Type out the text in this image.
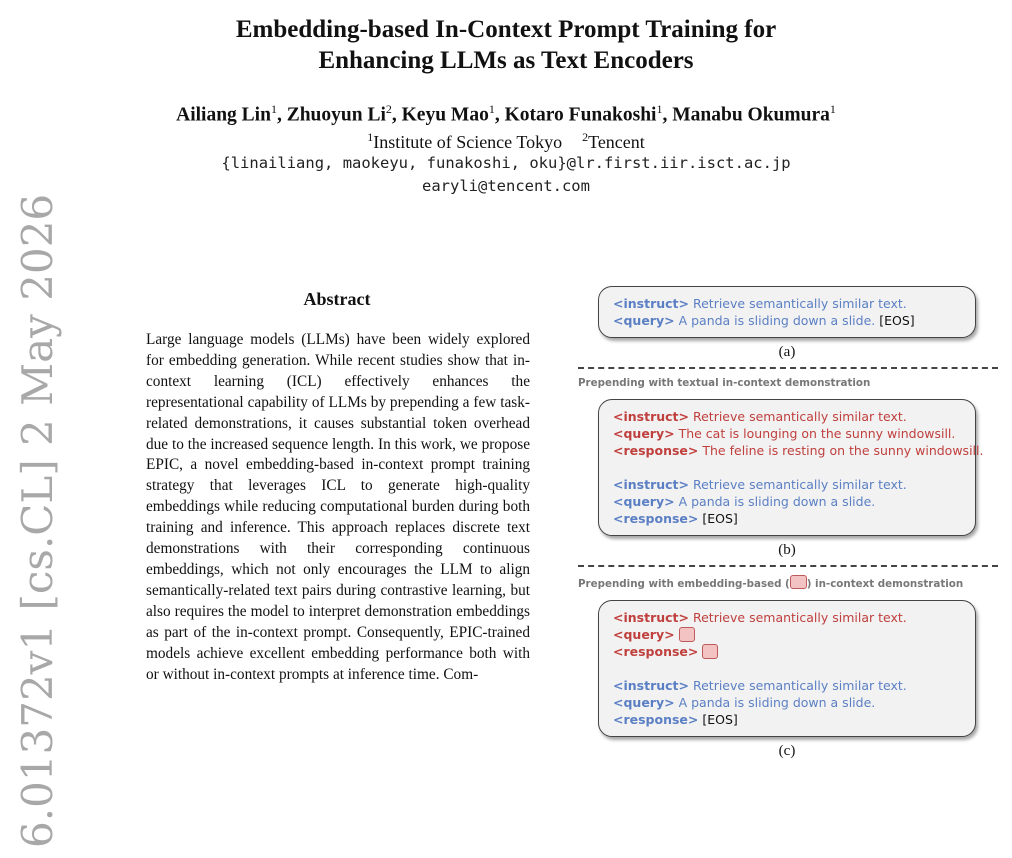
Embedding-based In-Context Prompt Training for
Enhancing LLMs as Text Encoders
Ailiang Lin$^1$, Zhuoyun Li$^2$, Keyu Mao$^1$, Kotaro Funakoshi$^1$, Manabu Okumura$^1$
$^1$Institute of Science Tokyo $^2$Tencent
{linailiang, maokeyu, funakoshi, oku}@lr.first.iir.isct.ac.jp
earyli@tencent.com
6.01372v1 [cs.CL] 2 May 2026	Abstract
Large language models (LLMs) have been widely explored for embedding generation. While recent studies show that in-context learning (ICL) effectively enhances the representational capability of LLMs by prepending a few task-related demonstrations, it causes substantial token overhead due to the increased sequence length. In this work, we propose EPIC, a novel embedding-based in-context prompt training strategy that leverages ICL to generate high-quality embeddings while reducing computational burden during both training and inference. This approach replaces discrete text demonstrations with their corresponding continuous embeddings, which not only encourages the LLM to align semantically-related text pairs during contrastive learning, but also requires the model to interpret demonstration embeddings as part of the in-context prompt. Consequently, EPIC-trained models achieve excellent embedding performance both with or without in-context prompts at inference time. Com-
<instruct> Retrieve semantically similar text.
<query> A panda is sliding down a slide. [EOS]
(a)
Prepending with textual in-context demonstration
<instruct> Retrieve semantically similar text.
<query> The cat is lounging on the sunny windowsill.
<response> The feline is resting on the sunny windowsill.
<instruct> Retrieve semantically similar text.
<query> A panda is sliding down a slide.
<response> [EOS]
(b)
Prepending with embedding-based ( ) in-context demonstration
<instruct> Retrieve semantically similar text.
<query>
<response>
<instruct> Retrieve semantically similar text.
<query> A panda is sliding down a slide.
<response> [EOS]
(c)
